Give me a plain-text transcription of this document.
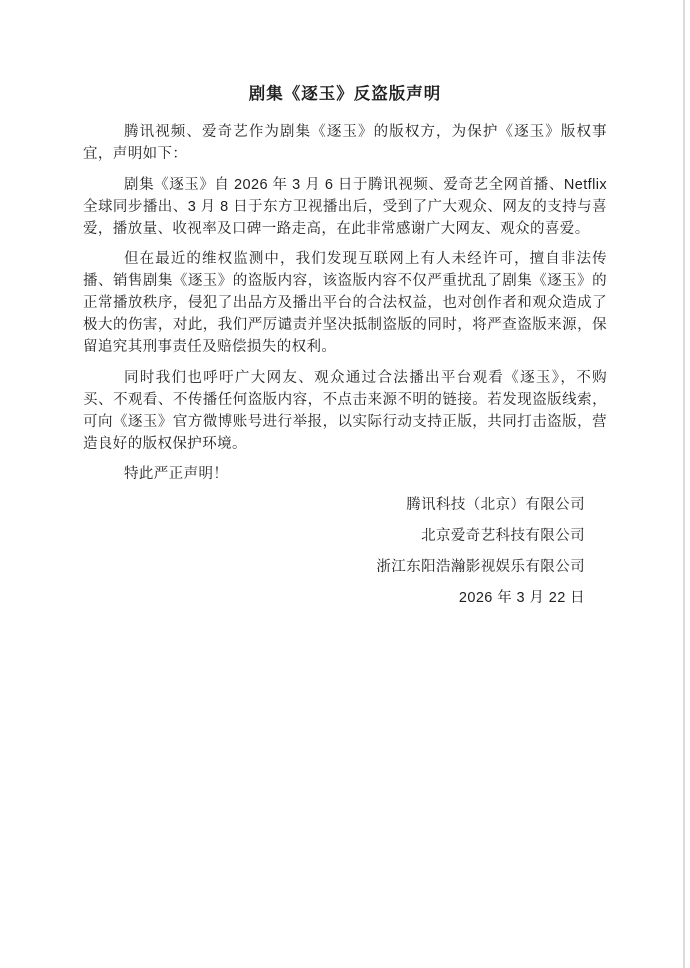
剧集《逐玉》反盗版声明

腾讯视频、爱奇艺作为剧集《逐玉》的版权方，为保护《逐玉》版权事宜，声明如下：

剧集《逐玉》自 2026 年 3 月 6 日于腾讯视频、爱奇艺全网首播、Netflix 全球同步播出、3 月 8 日于东方卫视播出后，受到了广大观众、网友的支持与喜爱，播放量、收视率及口碑一路走高，在此非常感谢广大网友、观众的喜爱。

但在最近的维权监测中，我们发现互联网上有人未经许可，擅自非法传播、销售剧集《逐玉》的盗版内容，该盗版内容不仅严重扰乱了剧集《逐玉》的正常播放秩序，侵犯了出品方及播出平台的合法权益，也对创作者和观众造成了极大的伤害，对此，我们严厉谴责并坚决抵制盗版的同时，将严查盗版来源，保留追究其刑事责任及赔偿损失的权利。

同时我们也呼吁广大网友、观众通过合法播出平台观看《逐玉》，不购买、不观看、不传播任何盗版内容，不点击来源不明的链接。若发现盗版线索，可向《逐玉》官方微博账号进行举报，以实际行动支持正版，共同打击盗版，营造良好的版权保护环境。

特此严正声明！

腾讯科技（北京）有限公司
北京爱奇艺科技有限公司
浙江东阳浩瀚影视娱乐有限公司
2026 年 3 月 22 日
